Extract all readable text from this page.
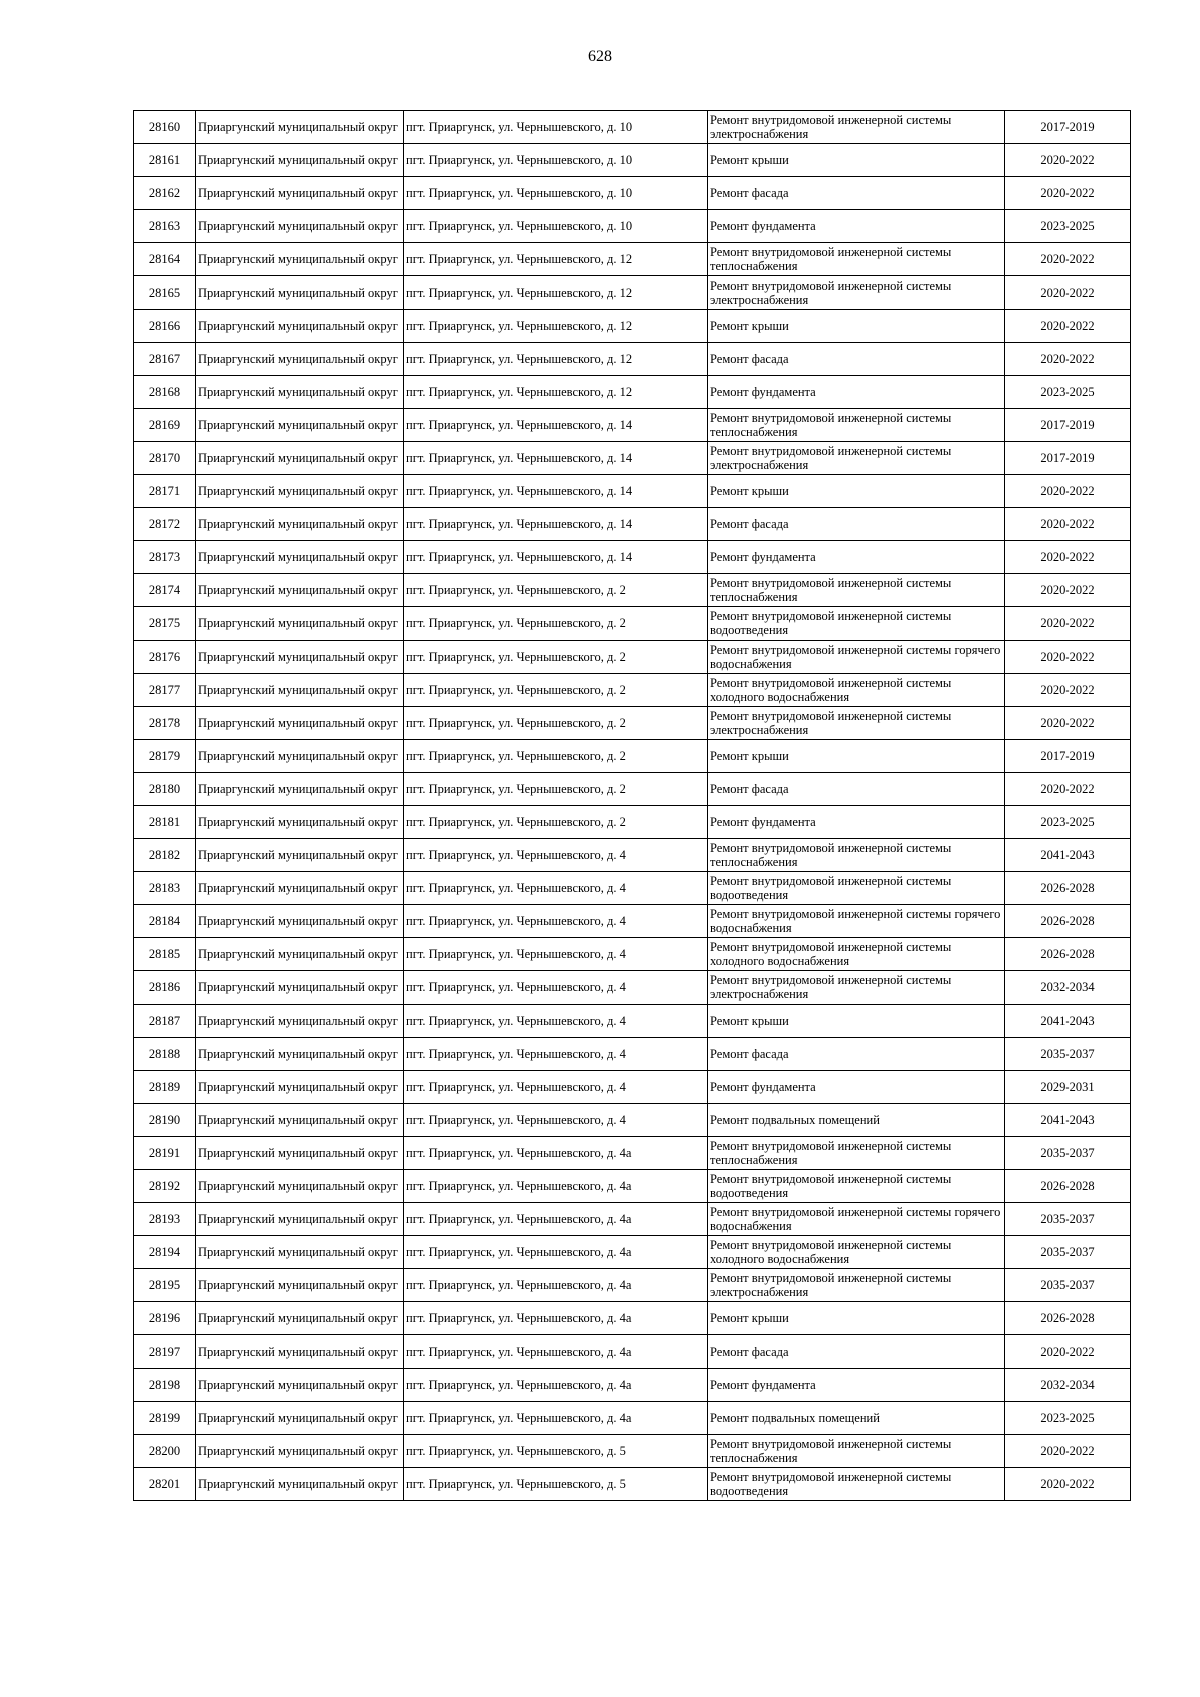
628
28160	Приаргунский муниципальный округ	пгт. Приаргунск, ул. Чернышевского, д. 10	Ремонт внутридомовой инженерной системы электроснабжения	2017-2019
28161	Приаргунский муниципальный округ	пгт. Приаргунск, ул. Чернышевского, д. 10	Ремонт крыши	2020-2022
28162	Приаргунский муниципальный округ	пгт. Приаргунск, ул. Чернышевского, д. 10	Ремонт фасада	2020-2022
28163	Приаргунский муниципальный округ	пгт. Приаргунск, ул. Чернышевского, д. 10	Ремонт фундамента	2023-2025
28164	Приаргунский муниципальный округ	пгт. Приаргунск, ул. Чернышевского, д. 12	Ремонт внутридомовой инженерной системы теплоснабжения	2020-2022
28165	Приаргунский муниципальный округ	пгт. Приаргунск, ул. Чернышевского, д. 12	Ремонт внутридомовой инженерной системы электроснабжения	2020-2022
28166	Приаргунский муниципальный округ	пгт. Приаргунск, ул. Чернышевского, д. 12	Ремонт крыши	2020-2022
28167	Приаргунский муниципальный округ	пгт. Приаргунск, ул. Чернышевского, д. 12	Ремонт фасада	2020-2022
28168	Приаргунский муниципальный округ	пгт. Приаргунск, ул. Чернышевского, д. 12	Ремонт фундамента	2023-2025
28169	Приаргунский муниципальный округ	пгт. Приаргунск, ул. Чернышевского, д. 14	Ремонт внутридомовой инженерной системы теплоснабжения	2017-2019
28170	Приаргунский муниципальный округ	пгт. Приаргунск, ул. Чернышевского, д. 14	Ремонт внутридомовой инженерной системы электроснабжения	2017-2019
28171	Приаргунский муниципальный округ	пгт. Приаргунск, ул. Чернышевского, д. 14	Ремонт крыши	2020-2022
28172	Приаргунский муниципальный округ	пгт. Приаргунск, ул. Чернышевского, д. 14	Ремонт фасада	2020-2022
28173	Приаргунский муниципальный округ	пгт. Приаргунск, ул. Чернышевского, д. 14	Ремонт фундамента	2020-2022
28174	Приаргунский муниципальный округ	пгт. Приаргунск, ул. Чернышевского, д. 2	Ремонт внутридомовой инженерной системы теплоснабжения	2020-2022
28175	Приаргунский муниципальный округ	пгт. Приаргунск, ул. Чернышевского, д. 2	Ремонт внутридомовой инженерной системы водоотведения	2020-2022
28176	Приаргунский муниципальный округ	пгт. Приаргунск, ул. Чернышевского, д. 2	Ремонт внутридомовой инженерной системы горячего водоснабжения	2020-2022
28177	Приаргунский муниципальный округ	пгт. Приаргунск, ул. Чернышевского, д. 2	Ремонт внутридомовой инженерной системы холодного водоснабжения	2020-2022
28178	Приаргунский муниципальный округ	пгт. Приаргунск, ул. Чернышевского, д. 2	Ремонт внутридомовой инженерной системы электроснабжения	2020-2022
28179	Приаргунский муниципальный округ	пгт. Приаргунск, ул. Чернышевского, д. 2	Ремонт крыши	2017-2019
28180	Приаргунский муниципальный округ	пгт. Приаргунск, ул. Чернышевского, д. 2	Ремонт фасада	2020-2022
28181	Приаргунский муниципальный округ	пгт. Приаргунск, ул. Чернышевского, д. 2	Ремонт фундамента	2023-2025
28182	Приаргунский муниципальный округ	пгт. Приаргунск, ул. Чернышевского, д. 4	Ремонт внутридомовой инженерной системы теплоснабжения	2041-2043
28183	Приаргунский муниципальный округ	пгт. Приаргунск, ул. Чернышевского, д. 4	Ремонт внутридомовой инженерной системы водоотведения	2026-2028
28184	Приаргунский муниципальный округ	пгт. Приаргунск, ул. Чернышевского, д. 4	Ремонт внутридомовой инженерной системы горячего водоснабжения	2026-2028
28185	Приаргунский муниципальный округ	пгт. Приаргунск, ул. Чернышевского, д. 4	Ремонт внутридомовой инженерной системы холодного водоснабжения	2026-2028
28186	Приаргунский муниципальный округ	пгт. Приаргунск, ул. Чернышевского, д. 4	Ремонт внутридомовой инженерной системы электроснабжения	2032-2034
28187	Приаргунский муниципальный округ	пгт. Приаргунск, ул. Чернышевского, д. 4	Ремонт крыши	2041-2043
28188	Приаргунский муниципальный округ	пгт. Приаргунск, ул. Чернышевского, д. 4	Ремонт фасада	2035-2037
28189	Приаргунский муниципальный округ	пгт. Приаргунск, ул. Чернышевского, д. 4	Ремонт фундамента	2029-2031
28190	Приаргунский муниципальный округ	пгт. Приаргунск, ул. Чернышевского, д. 4	Ремонт подвальных помещений	2041-2043
28191	Приаргунский муниципальный округ	пгт. Приаргунск, ул. Чернышевского, д. 4а	Ремонт внутридомовой инженерной системы теплоснабжения	2035-2037
28192	Приаргунский муниципальный округ	пгт. Приаргунск, ул. Чернышевского, д. 4а	Ремонт внутридомовой инженерной системы водоотведения	2026-2028
28193	Приаргунский муниципальный округ	пгт. Приаргунск, ул. Чернышевского, д. 4а	Ремонт внутридомовой инженерной системы горячего водоснабжения	2035-2037
28194	Приаргунский муниципальный округ	пгт. Приаргунск, ул. Чернышевского, д. 4а	Ремонт внутридомовой инженерной системы холодного водоснабжения	2035-2037
28195	Приаргунский муниципальный округ	пгт. Приаргунск, ул. Чернышевского, д. 4а	Ремонт внутридомовой инженерной системы электроснабжения	2035-2037
28196	Приаргунский муниципальный округ	пгт. Приаргунск, ул. Чернышевского, д. 4а	Ремонт крыши	2026-2028
28197	Приаргунский муниципальный округ	пгт. Приаргунск, ул. Чернышевского, д. 4а	Ремонт фасада	2020-2022
28198	Приаргунский муниципальный округ	пгт. Приаргунск, ул. Чернышевского, д. 4а	Ремонт фундамента	2032-2034
28199	Приаргунский муниципальный округ	пгт. Приаргунск, ул. Чернышевского, д. 4а	Ремонт подвальных помещений	2023-2025
28200	Приаргунский муниципальный округ	пгт. Приаргунск, ул. Чернышевского, д. 5	Ремонт внутридомовой инженерной системы теплоснабжения	2020-2022
28201	Приаргунский муниципальный округ	пгт. Приаргунск, ул. Чернышевского, д. 5	Ремонт внутридомовой инженерной системы водоотведения	2020-2022
